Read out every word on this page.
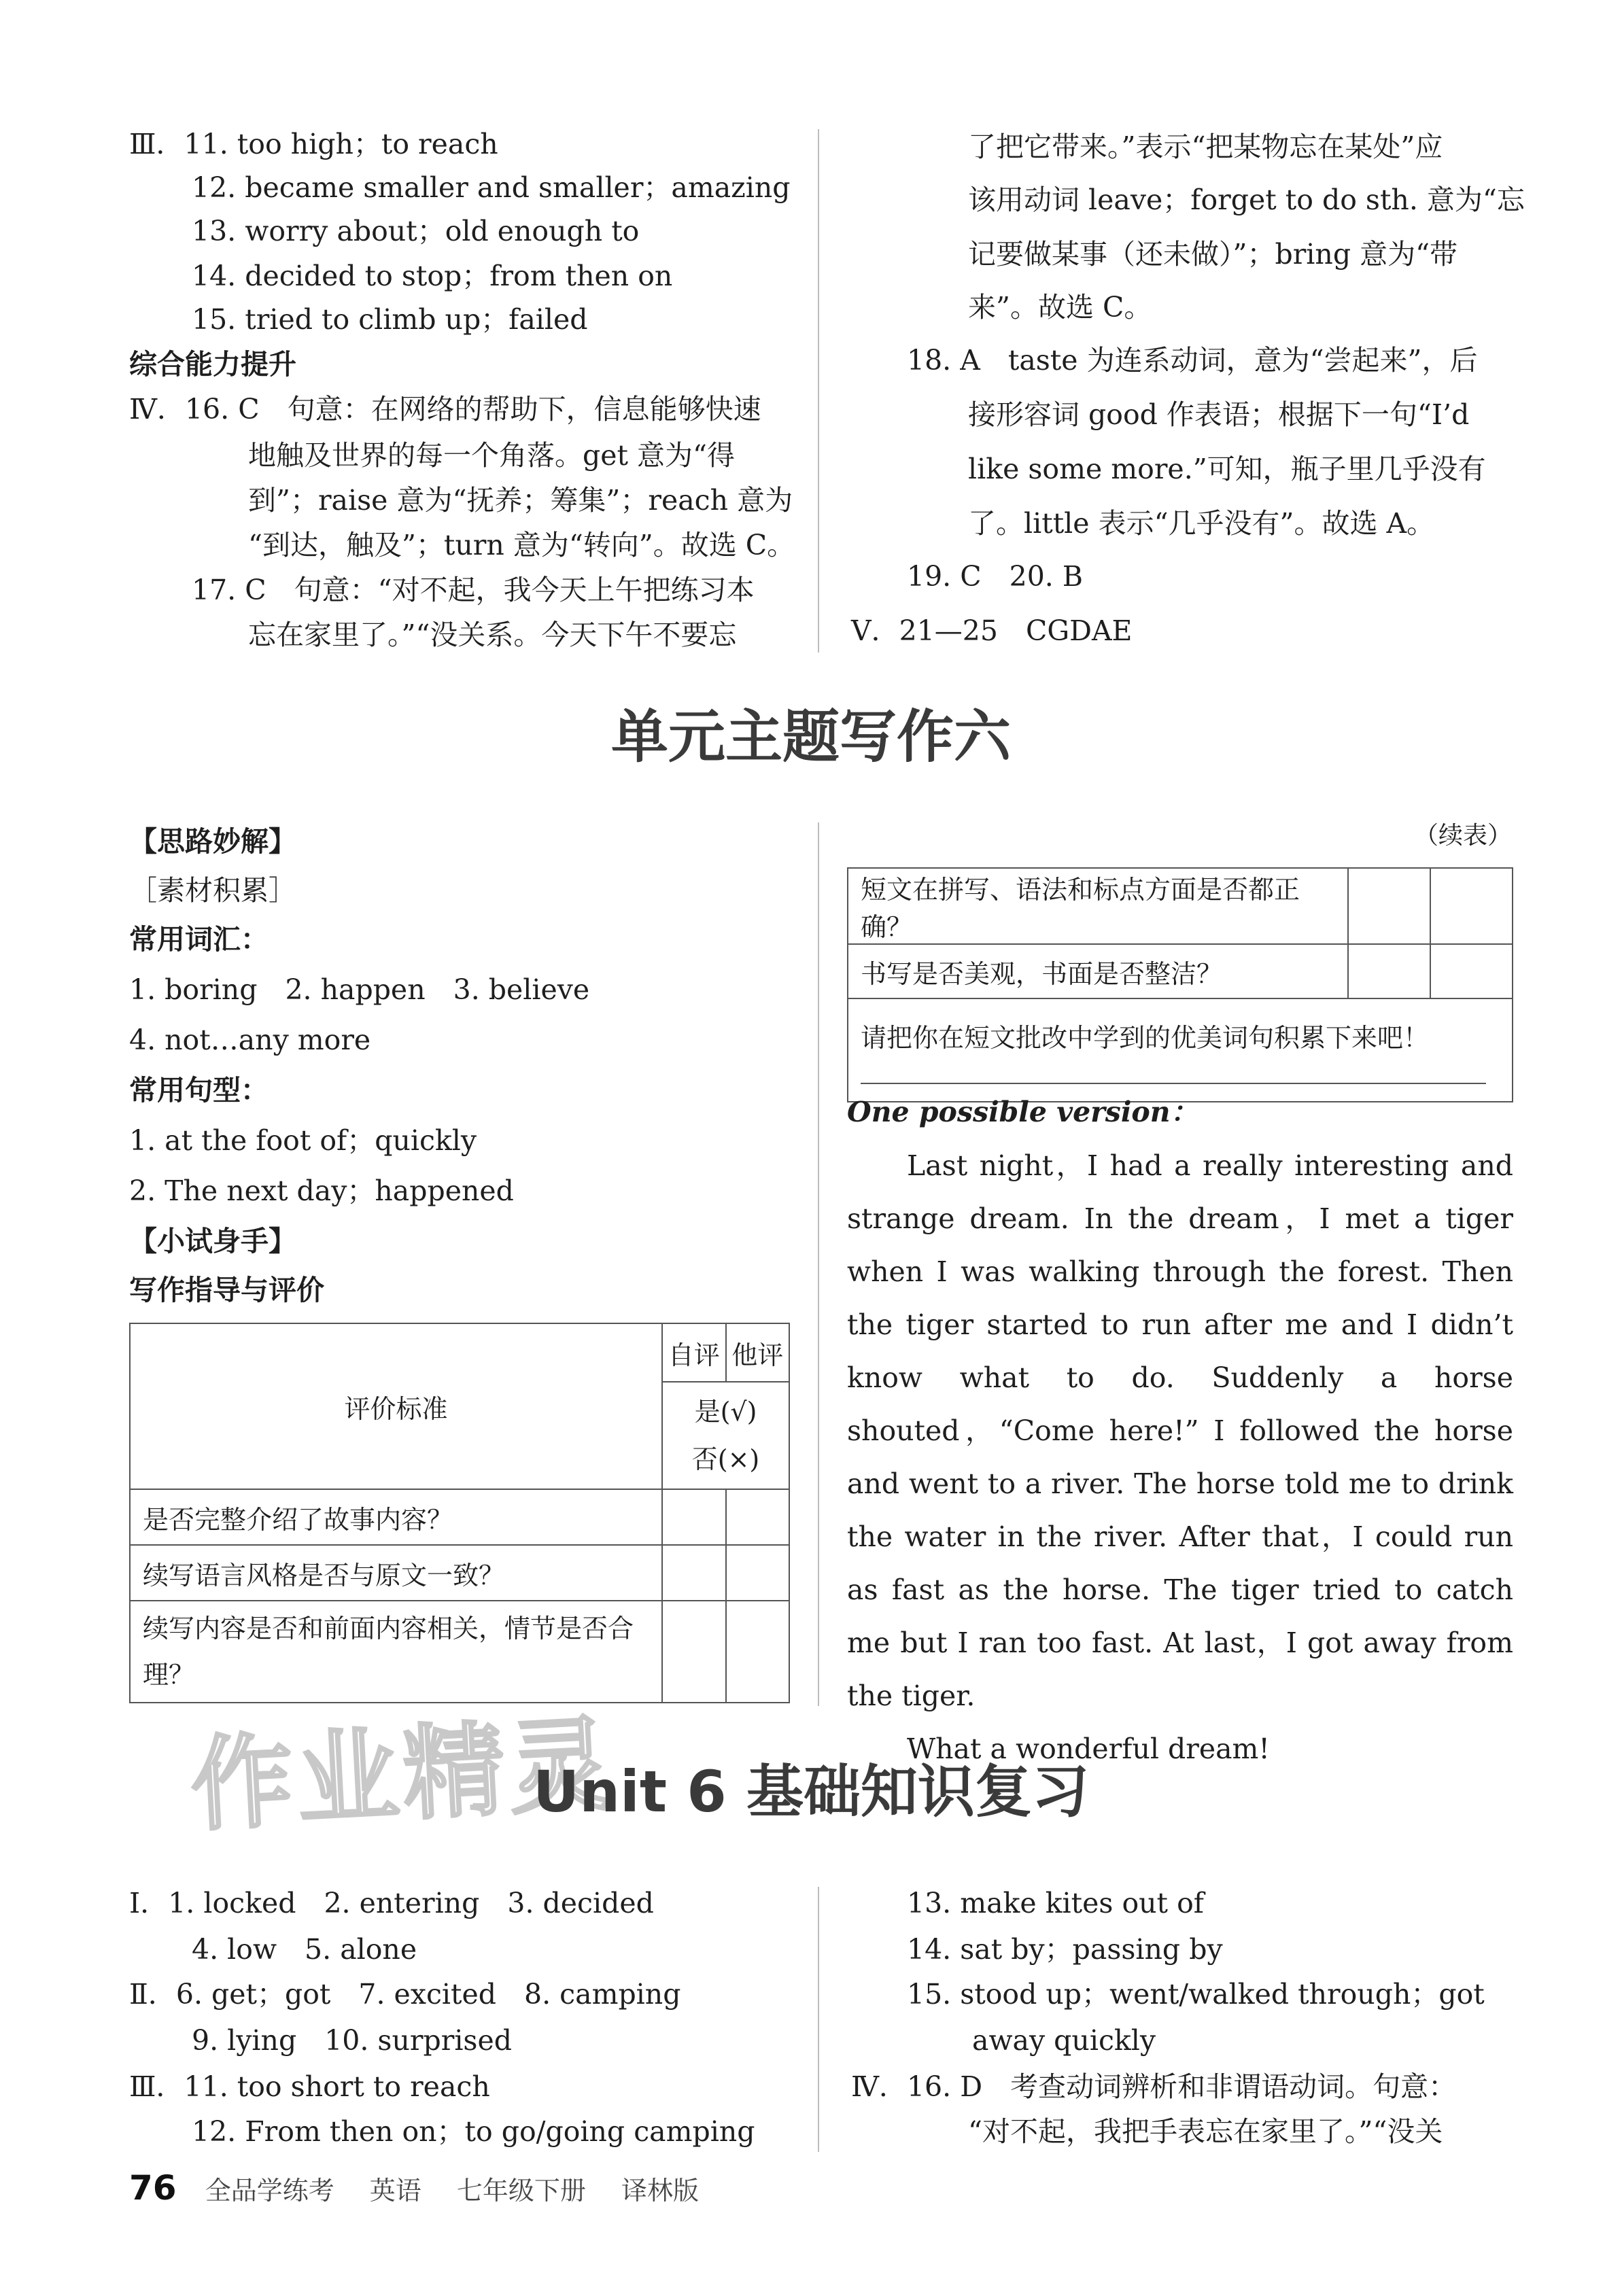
Ⅲ．11. too high；to reach
12. became smaller and smaller；amazing
13. worry about；old enough to
14. decided to stop；from then on
15. tried to climb up；failed
综合能力提升
Ⅳ．16. C　句意：在网络的帮助下，信息能够快速
地触及世界的每一个角落。get 意为“得
到”；raise 意为“抚养；筹集”；reach 意为
“到达，触及”；turn 意为“转向”。故选 C。
17. C　句意：“对不起，我今天上午把练习本
忘在家里了。”“没关系。今天下午不要忘
了把它带来。”表示“把某物忘在某处”应
该用动词 leave；forget to do sth. 意为“忘
记要做某事（还未做）”；bring 意为“带
来”。故选 C。
18. A　taste 为连系动词，意为“尝起来”，后
接形容词 good 作表语；根据下一句“I’d
like some more.”可知，瓶子里几乎没有
了。little 表示“几乎没有”。故选 A。
19. C　20. B
Ⅴ．21—25　CGDAE
单元主题写作六
【思路妙解】
［素材积累］
常用词汇：
1. boring　2. happen　3. believe
4. not…any more
常用句型：
1. at the foot of；quickly
2. The next day；happened
【小试身手】
写作指导与评价
评价标准	自评	他评

	是(√)
否(×)	

是否完整介绍了故事内容？		
续写语言风格是否与原文一致？		
续写内容是否和前面内容相关，情节是否合理？		
（续表）
短文在拼写、语法和标点方面是否都正确？		
书写是否美观，书面是否整洁？		

请把你在短文批改中学到的优美词句积累下来吧！		
One possible version：

Last night，I had a really interesting and strange dream. In the dream，I met a tiger when I was walking through the forest. Then the tiger started to run after me and I didn’t know what to do. Suddenly a horse shouted，“Come here!” I followed the horse and went to a river. The horse told me to drink the water in the river. After that，I could run as fast as the horse. The tiger tried to catch me but I ran too fast. At last，I got away from the tiger.

What a wonderful dream!

作业精灵
Unit 6 基础知识复习
Ⅰ．1. locked　2. entering　3. decided
4. low　5. alone
Ⅱ．6. get；got　7. excited　8. camping
9. lying　10. surprised
Ⅲ．11. too short to reach
12. From then on；to go/going camping
13. make kites out of
14. sat by；passing by
15. stood up；went/walked through；got
away quickly
Ⅳ．16. D　考查动词辨析和非谓语动词。句意：
“对不起，我把手表忘在家里了。”“没关
76 全品学练考 英语 七年级下册 译林版
